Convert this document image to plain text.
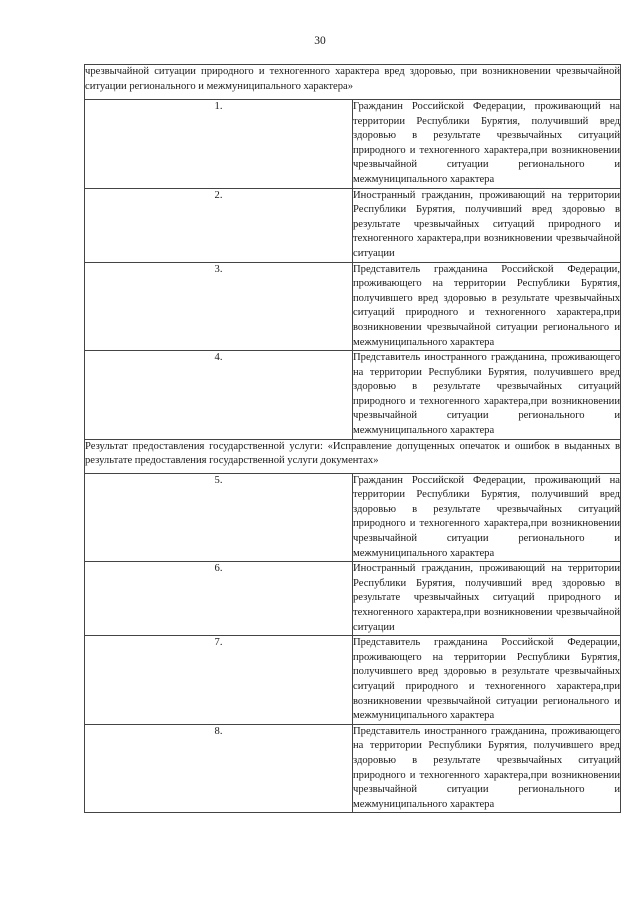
30
чрезвычайной ситуации природного и техногенного характера вред здоровью, при возникновении чрезвычайной ситуации регионального и межмуниципального характера»	
1.	Гражданин Российской Федерации, проживающий на территории Республики Бурятия, получивший вред здоровью в результате чрезвычайных ситуаций природного и техногенного характера,при возникновении чрезвычайной ситуации регионального и межмуниципального характера
2.	Иностранный гражданин, проживающий на территории Республики Бурятия, получивший вред здоровью в результате чрезвычайных ситуаций природного и техногенного характера,при возникновении чрезвычайной ситуации
3.	Представитель гражданина Российской Федерации, проживающего на территории Республики Бурятия, получившего вред здоровью в результате чрезвычайных ситуаций природного и техногенного характера,при возникновении чрезвычайной ситуации регионального и межмуниципального характера
4.	Представитель иностранного гражданина, проживающего на территории Республики Бурятия, получившего вред здоровью в результате чрезвычайных ситуаций природного и техногенного характера,при возникновении чрезвычайной ситуации регионального и межмуниципального характера
Результат предоставления государственной услуги: «Исправление допущенных опечаток и ошибок в выданных в результате предоставления государственной услуги документах»	
5.	Гражданин Российской Федерации, проживающий на территории Республики Бурятия, получивший вред здоровью в результате чрезвычайных ситуаций природного и техногенного характера,при возникновении чрезвычайной ситуации регионального и межмуниципального характера
6.	Иностранный гражданин, проживающий на территории Республики Бурятия, получивший вред здоровью в результате чрезвычайных ситуаций природного и техногенного характера,при возникновении чрезвычайной ситуации
7.	Представитель гражданина Российской Федерации, проживающего на территории Республики Бурятия, получившего вред здоровью в результате чрезвычайных ситуаций природного и техногенного характера,при возникновении чрезвычайной ситуации регионального и межмуниципального характера
8.	Представитель иностранного гражданина, проживающего на территории Республики Бурятия, получившего вред здоровью в результате чрезвычайных ситуаций природного и техногенного характера,при возникновении чрезвычайной ситуации регионального и межмуниципального характера
